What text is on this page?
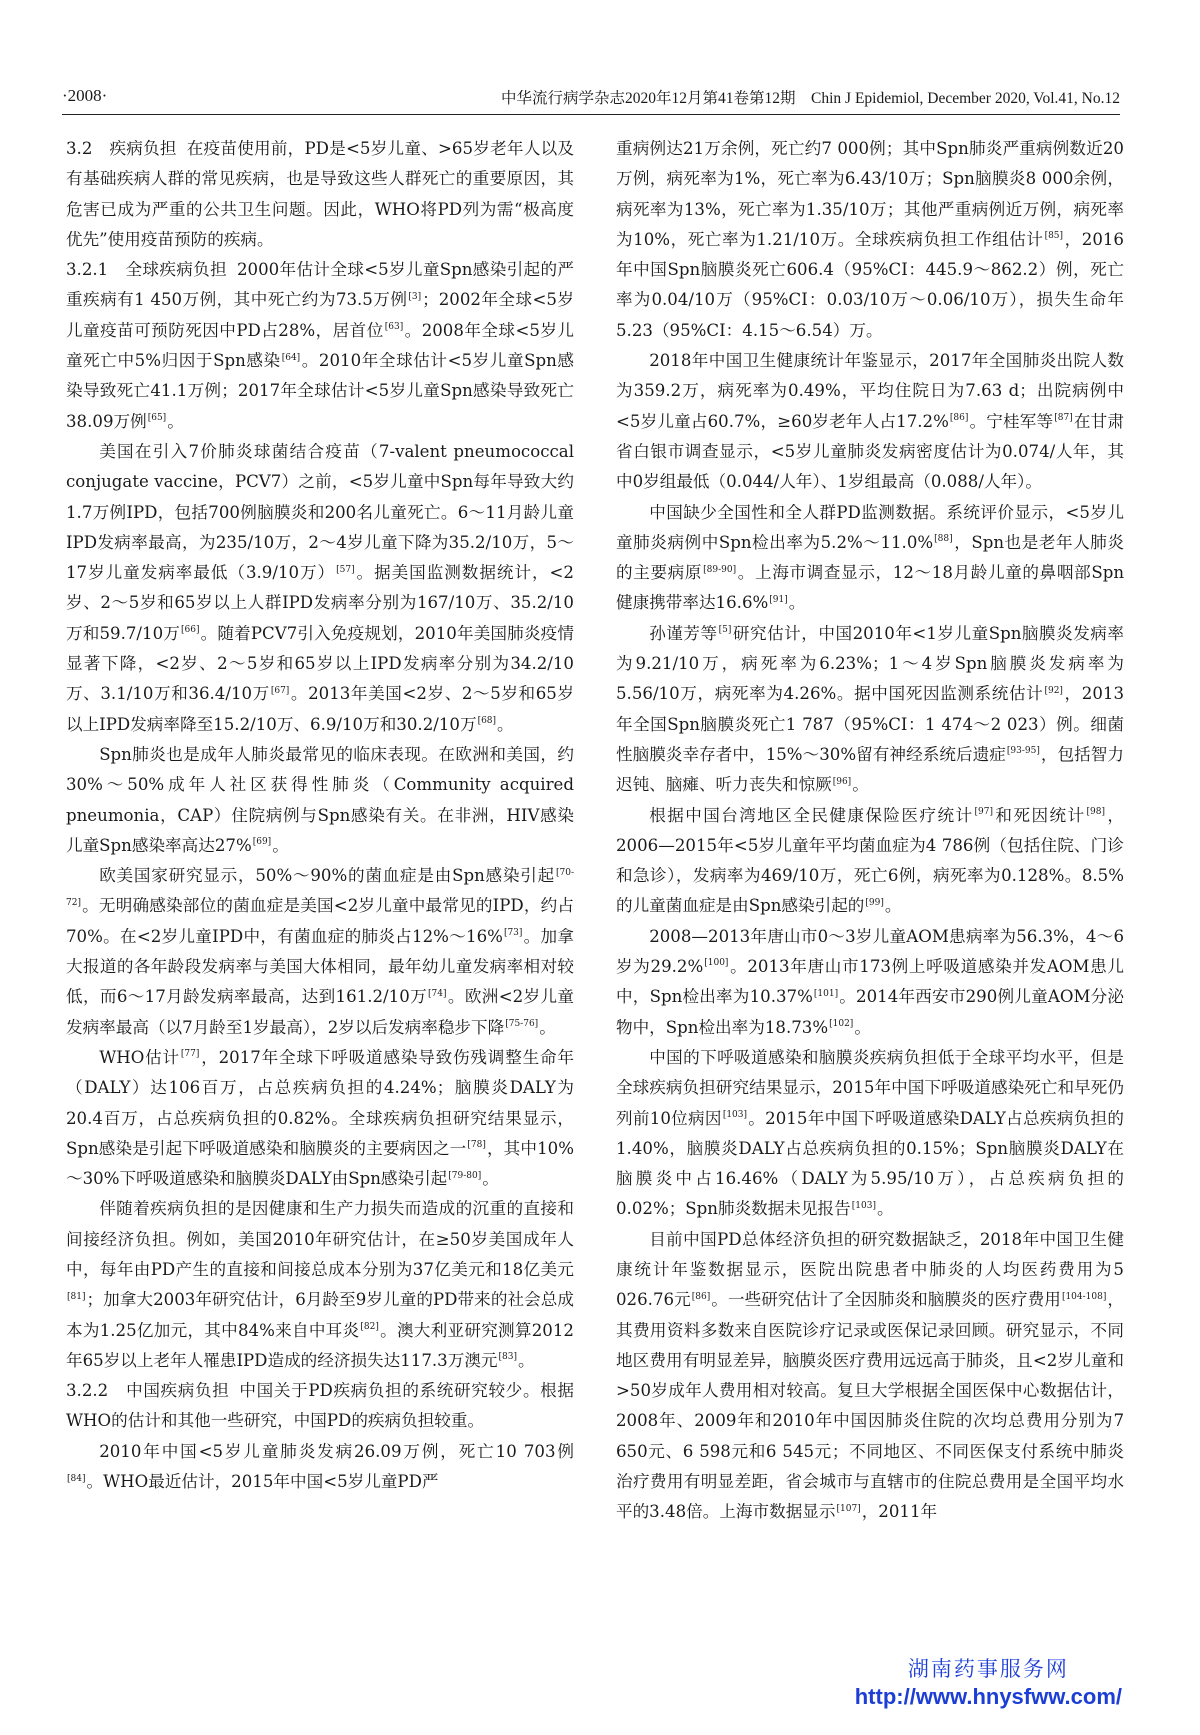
·2008·	中华流行病学杂志2020年12月第41卷第12期　Chin J Epidemiol, December 2020, Vol.41, No.12

3.2　疾病负担 在疫苗使用前，PD是<5岁儿童、>65岁老年人以及有基础疾病人群的常见疾病，也是导致这些人群死亡的重要原因，其危害已成为严重的公共卫生问题。因此，WHO将PD列为需“极高度优先”使用疫苗预防的疾病。

3.2.1　全球疾病负担 2000年估计全球<5岁儿童Spn感染引起的严重疾病有1 450万例，其中死亡约为73.5万例[3]；2002年全球<5岁儿童疫苗可预防死因中PD占28%，居首位[63]。2008年全球<5岁儿童死亡中5%归因于Spn感染[64]。2010年全球估计<5岁儿童Spn感染导致死亡41.1万例；2017年全球估计<5岁儿童Spn感染导致死亡38.09万例[65]。

美国在引入7价肺炎球菌结合疫苗（7-valent pneumococcal conjugate vaccine，PCV7）之前，<5岁儿童中Spn每年导致大约1.7万例IPD，包括700例脑膜炎和200名儿童死亡。6～11月龄儿童IPD发病率最高，为235/10万，2～4岁儿童下降为35.2/10万，5～17岁儿童发病率最低（3.9/10万）[57]。据美国监测数据统计，<2岁、2～5岁和65岁以上人群IPD发病率分别为167/10万、35.2/10万和59.7/10万[66]。随着PCV7引入免疫规划，2010年美国肺炎疫情显著下降，<2岁、2～5岁和65岁以上IPD发病率分别为34.2/10万、3.1/10万和36.4/10万[67]。2013年美国<2岁、2～5岁和65岁以上IPD发病率降至15.2/10万、6.9/10万和30.2/10万[68]。

Spn肺炎也是成年人肺炎最常见的临床表现。在欧洲和美国，约30%～50%成年人社区获得性肺炎（Community acquired pneumonia，CAP）住院病例与Spn感染有关。在非洲，HIV感染儿童Spn感染率高达27%[69]。

欧美国家研究显示，50%～90%的菌血症是由Spn感染引起[70-72]。无明确感染部位的菌血症是美国<2岁儿童中最常见的IPD，约占70%。在<2岁儿童IPD中，有菌血症的肺炎占12%～16%[73]。加拿大报道的各年龄段发病率与美国大体相同，最年幼儿童发病率相对较低，而6～17月龄发病率最高，达到161.2/10万[74]。欧洲<2岁儿童发病率最高（以7月龄至1岁最高），2岁以后发病率稳步下降[75-76]。

WHO估计[77]，2017年全球下呼吸道感染导致伤残调整生命年（DALY）达106百万，占总疾病负担的4.24%；脑膜炎DALY为20.4百万，占总疾病负担的0.82%。全球疾病负担研究结果显示，Spn感染是引起下呼吸道感染和脑膜炎的主要病因之一[78]，其中10%～30%下呼吸道感染和脑膜炎DALY由Spn感染引起[79-80]。

伴随着疾病负担的是因健康和生产力损失而造成的沉重的直接和间接经济负担。例如，美国2010年研究估计，在≥50岁美国成年人中，每年由PD产生的直接和间接总成本分别为37亿美元和18亿美元[81]；加拿大2003年研究估计，6月龄至9岁儿童的PD带来的社会总成本为1.25亿加元，其中84%来自中耳炎[82]。澳大利亚研究测算2012年65岁以上老年人罹患IPD造成的经济损失达117.3万澳元[83]。

3.2.2　中国疾病负担 中国关于PD疾病负担的系统研究较少。根据WHO的估计和其他一些研究，中国PD的疾病负担较重。

2010年中国<5岁儿童肺炎发病26.09万例，死亡10 703例[84]。WHO最近估计，2015年中国<5岁儿童PD严

重病例达21万余例，死亡约7 000例；其中Spn肺炎严重病例数近20万例，病死率为1%，死亡率为6.43/10万；Spn脑膜炎8 000余例，病死率为13%，死亡率为1.35/10万；其他严重病例近万例，病死率为10%，死亡率为1.21/10万。全球疾病负担工作组估计[85]，2016年中国Spn脑膜炎死亡606.4（95%CI：445.9～862.2）例，死亡率为0.04/10万（95%CI：0.03/10万～0.06/10万），损失生命年5.23（95%CI：4.15～6.54）万。

2018年中国卫生健康统计年鉴显示，2017年全国肺炎出院人数为359.2万，病死率为0.49%，平均住院日为7.63 d；出院病例中<5岁儿童占60.7%，≥60岁老年人占17.2%[86]。宁桂军等[87]在甘肃省白银市调查显示，<5岁儿童肺炎发病密度估计为0.074/人年，其中0岁组最低（0.044/人年）、1岁组最高（0.088/人年）。

中国缺少全国性和全人群PD监测数据。系统评价显示，<5岁儿童肺炎病例中Spn检出率为5.2%～11.0%[88]，Spn也是老年人肺炎的主要病原[89-90]。上海市调查显示，12～18月龄儿童的鼻咽部Spn健康携带率达16.6%[91]。

孙谨芳等[5]研究估计，中国2010年<1岁儿童Spn脑膜炎发病率为9.21/10万，病死率为6.23%；1～4岁Spn脑膜炎发病率为5.56/10万，病死率为4.26%。据中国死因监测系统估计[92]，2013年全国Spn脑膜炎死亡1 787（95%CI：1 474～2 023）例。细菌性脑膜炎幸存者中，15%～30%留有神经系统后遗症[93-95]，包括智力迟钝、脑瘫、听力丧失和惊厥[96]。

根据中国台湾地区全民健康保险医疗统计[97]和死因统计[98]，2006—2015年<5岁儿童年平均菌血症为4 786例（包括住院、门诊和急诊），发病率为469/10万，死亡6例，病死率为0.128%。8.5%的儿童菌血症是由Spn感染引起的[99]。

2008—2013年唐山市0～3岁儿童AOM患病率为56.3%，4～6岁为29.2%[100]。2013年唐山市173例上呼吸道感染并发AOM患儿中，Spn检出率为10.37%[101]。2014年西安市290例儿童AOM分泌物中，Spn检出率为18.73%[102]。

中国的下呼吸道感染和脑膜炎疾病负担低于全球平均水平，但是全球疾病负担研究结果显示，2015年中国下呼吸道感染死亡和早死仍列前10位病因[103]。2015年中国下呼吸道感染DALY占总疾病负担的1.40%，脑膜炎DALY占总疾病负担的0.15%；Spn脑膜炎DALY在脑膜炎中占16.46%（DALY为5.95/10万），占总疾病负担的0.02%；Spn肺炎数据未见报告[103]。

目前中国PD总体经济负担的研究数据缺乏，2018年中国卫生健康统计年鉴数据显示，医院出院患者中肺炎的人均医药费用为5 026.76元[86]。一些研究估计了全因肺炎和脑膜炎的医疗费用[104-108]，其费用资料多数来自医院诊疗记录或医保记录回顾。研究显示，不同地区费用有明显差异，脑膜炎医疗费用远远高于肺炎，且<2岁儿童和>50岁成年人费用相对较高。复旦大学根据全国医保中心数据估计，2008年、2009年和2010年中国因肺炎住院的次均总费用分别为7 650元、6 598元和6 545元；不同地区、不同医保支付系统中肺炎治疗费用有明显差距，省会城市与直辖市的住院总费用是全国平均水平的3.48倍。上海市数据显示[107]，2011年

湖南药事服务网
http://www.hnysfww.com/
